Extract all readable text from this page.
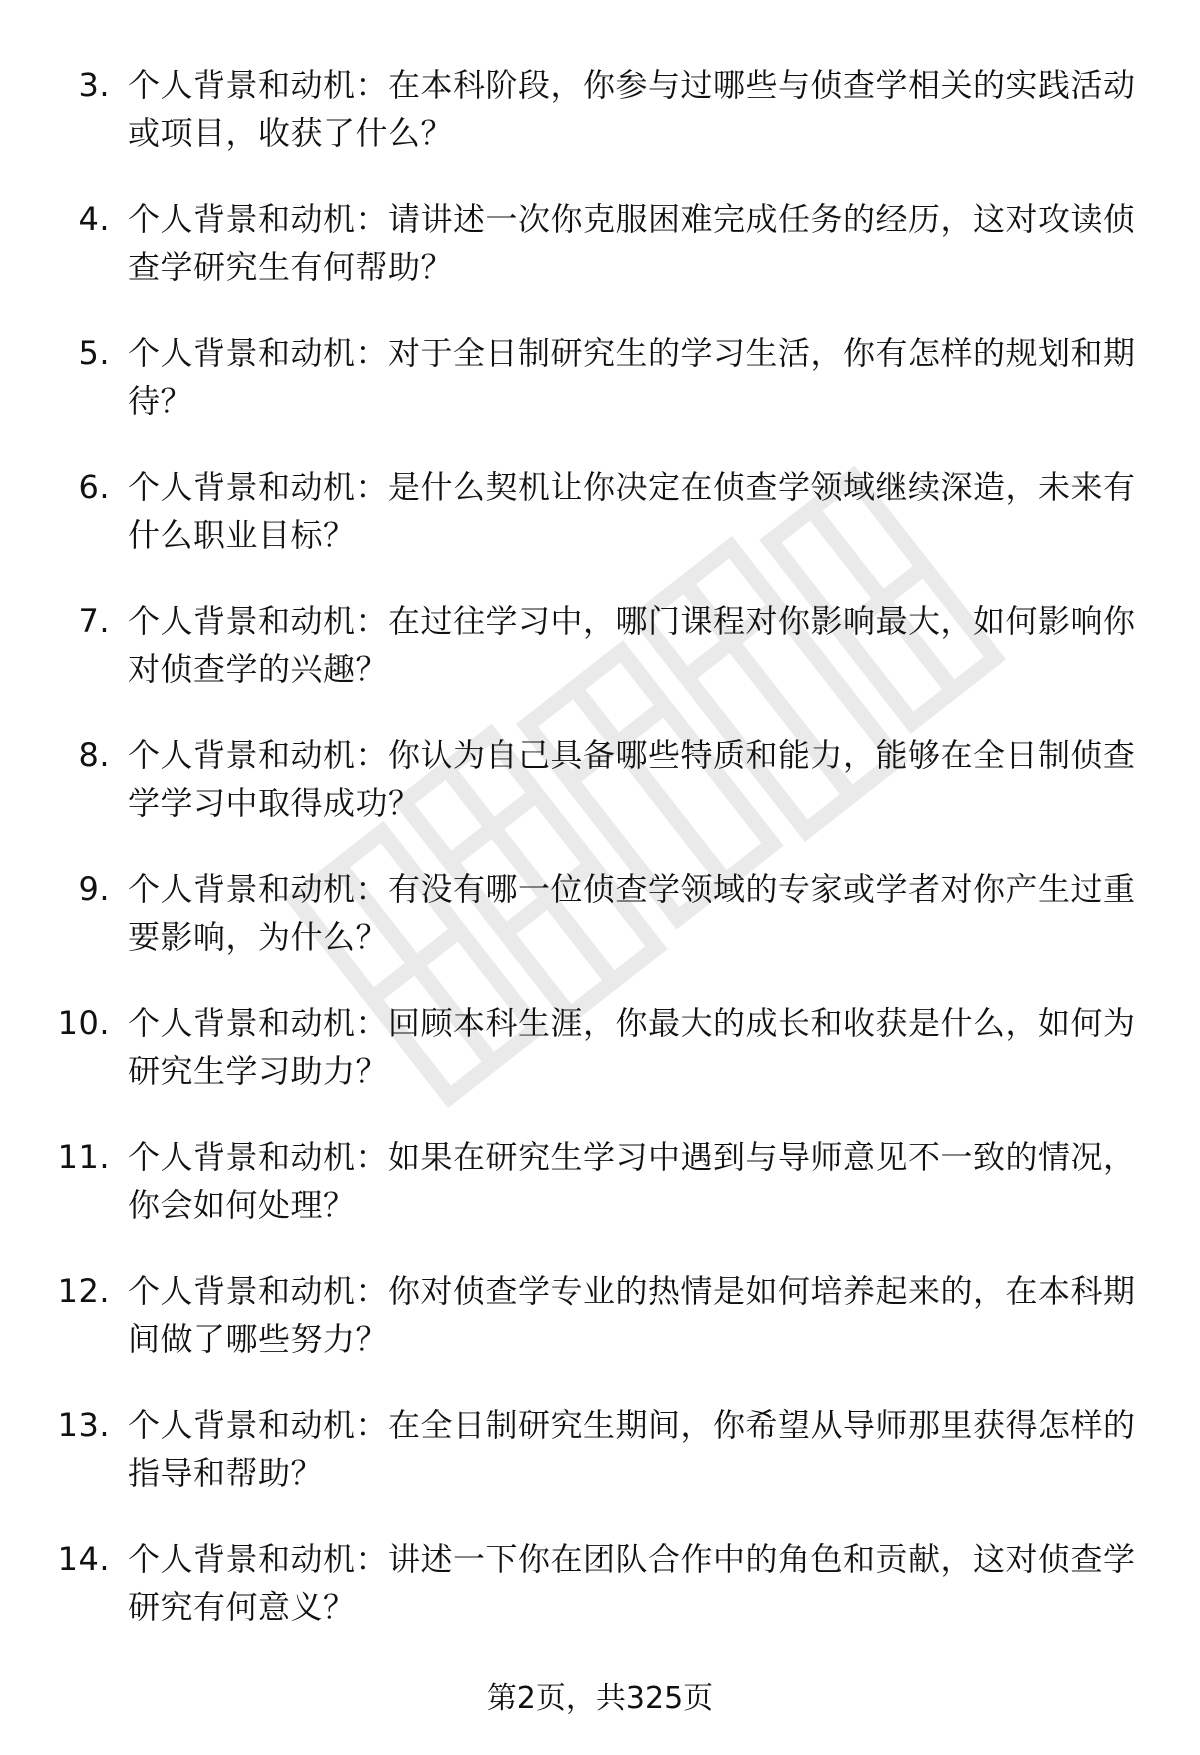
3. 个人背景和动机：在本科阶段，你参与过哪些与侦查学相关的实践活动或项目，收获了什么？
4. 个人背景和动机：请讲述一次你克服困难完成任务的经历，这对攻读侦查学研究生有何帮助？
5. 个人背景和动机：对于全日制研究生的学习生活，你有怎样的规划和期待？
6. 个人背景和动机：是什么契机让你决定在侦查学领域继续深造，未来有什么职业目标？
7. 个人背景和动机：在过往学习中，哪门课程对你影响最大，如何影响你对侦查学的兴趣？
8. 个人背景和动机：你认为自己具备哪些特质和能力，能够在全日制侦查学学习中取得成功？
9. 个人背景和动机：有没有哪一位侦查学领域的专家或学者对你产生过重要影响，为什么？
10. 个人背景和动机：回顾本科生涯，你最大的成长和收获是什么，如何为研究生学习助力？
11. 个人背景和动机：如果在研究生学习中遇到与导师意见不一致的情况，你会如何处理？
12. 个人背景和动机：你对侦查学专业的热情是如何培养起来的，在本科期间做了哪些努力？
13. 个人背景和动机：在全日制研究生期间，你希望从导师那里获得怎样的指导和帮助？
14. 个人背景和动机：讲述一下你在团队合作中的角色和贡献，这对侦查学研究有何意义？
第2页，共325页
